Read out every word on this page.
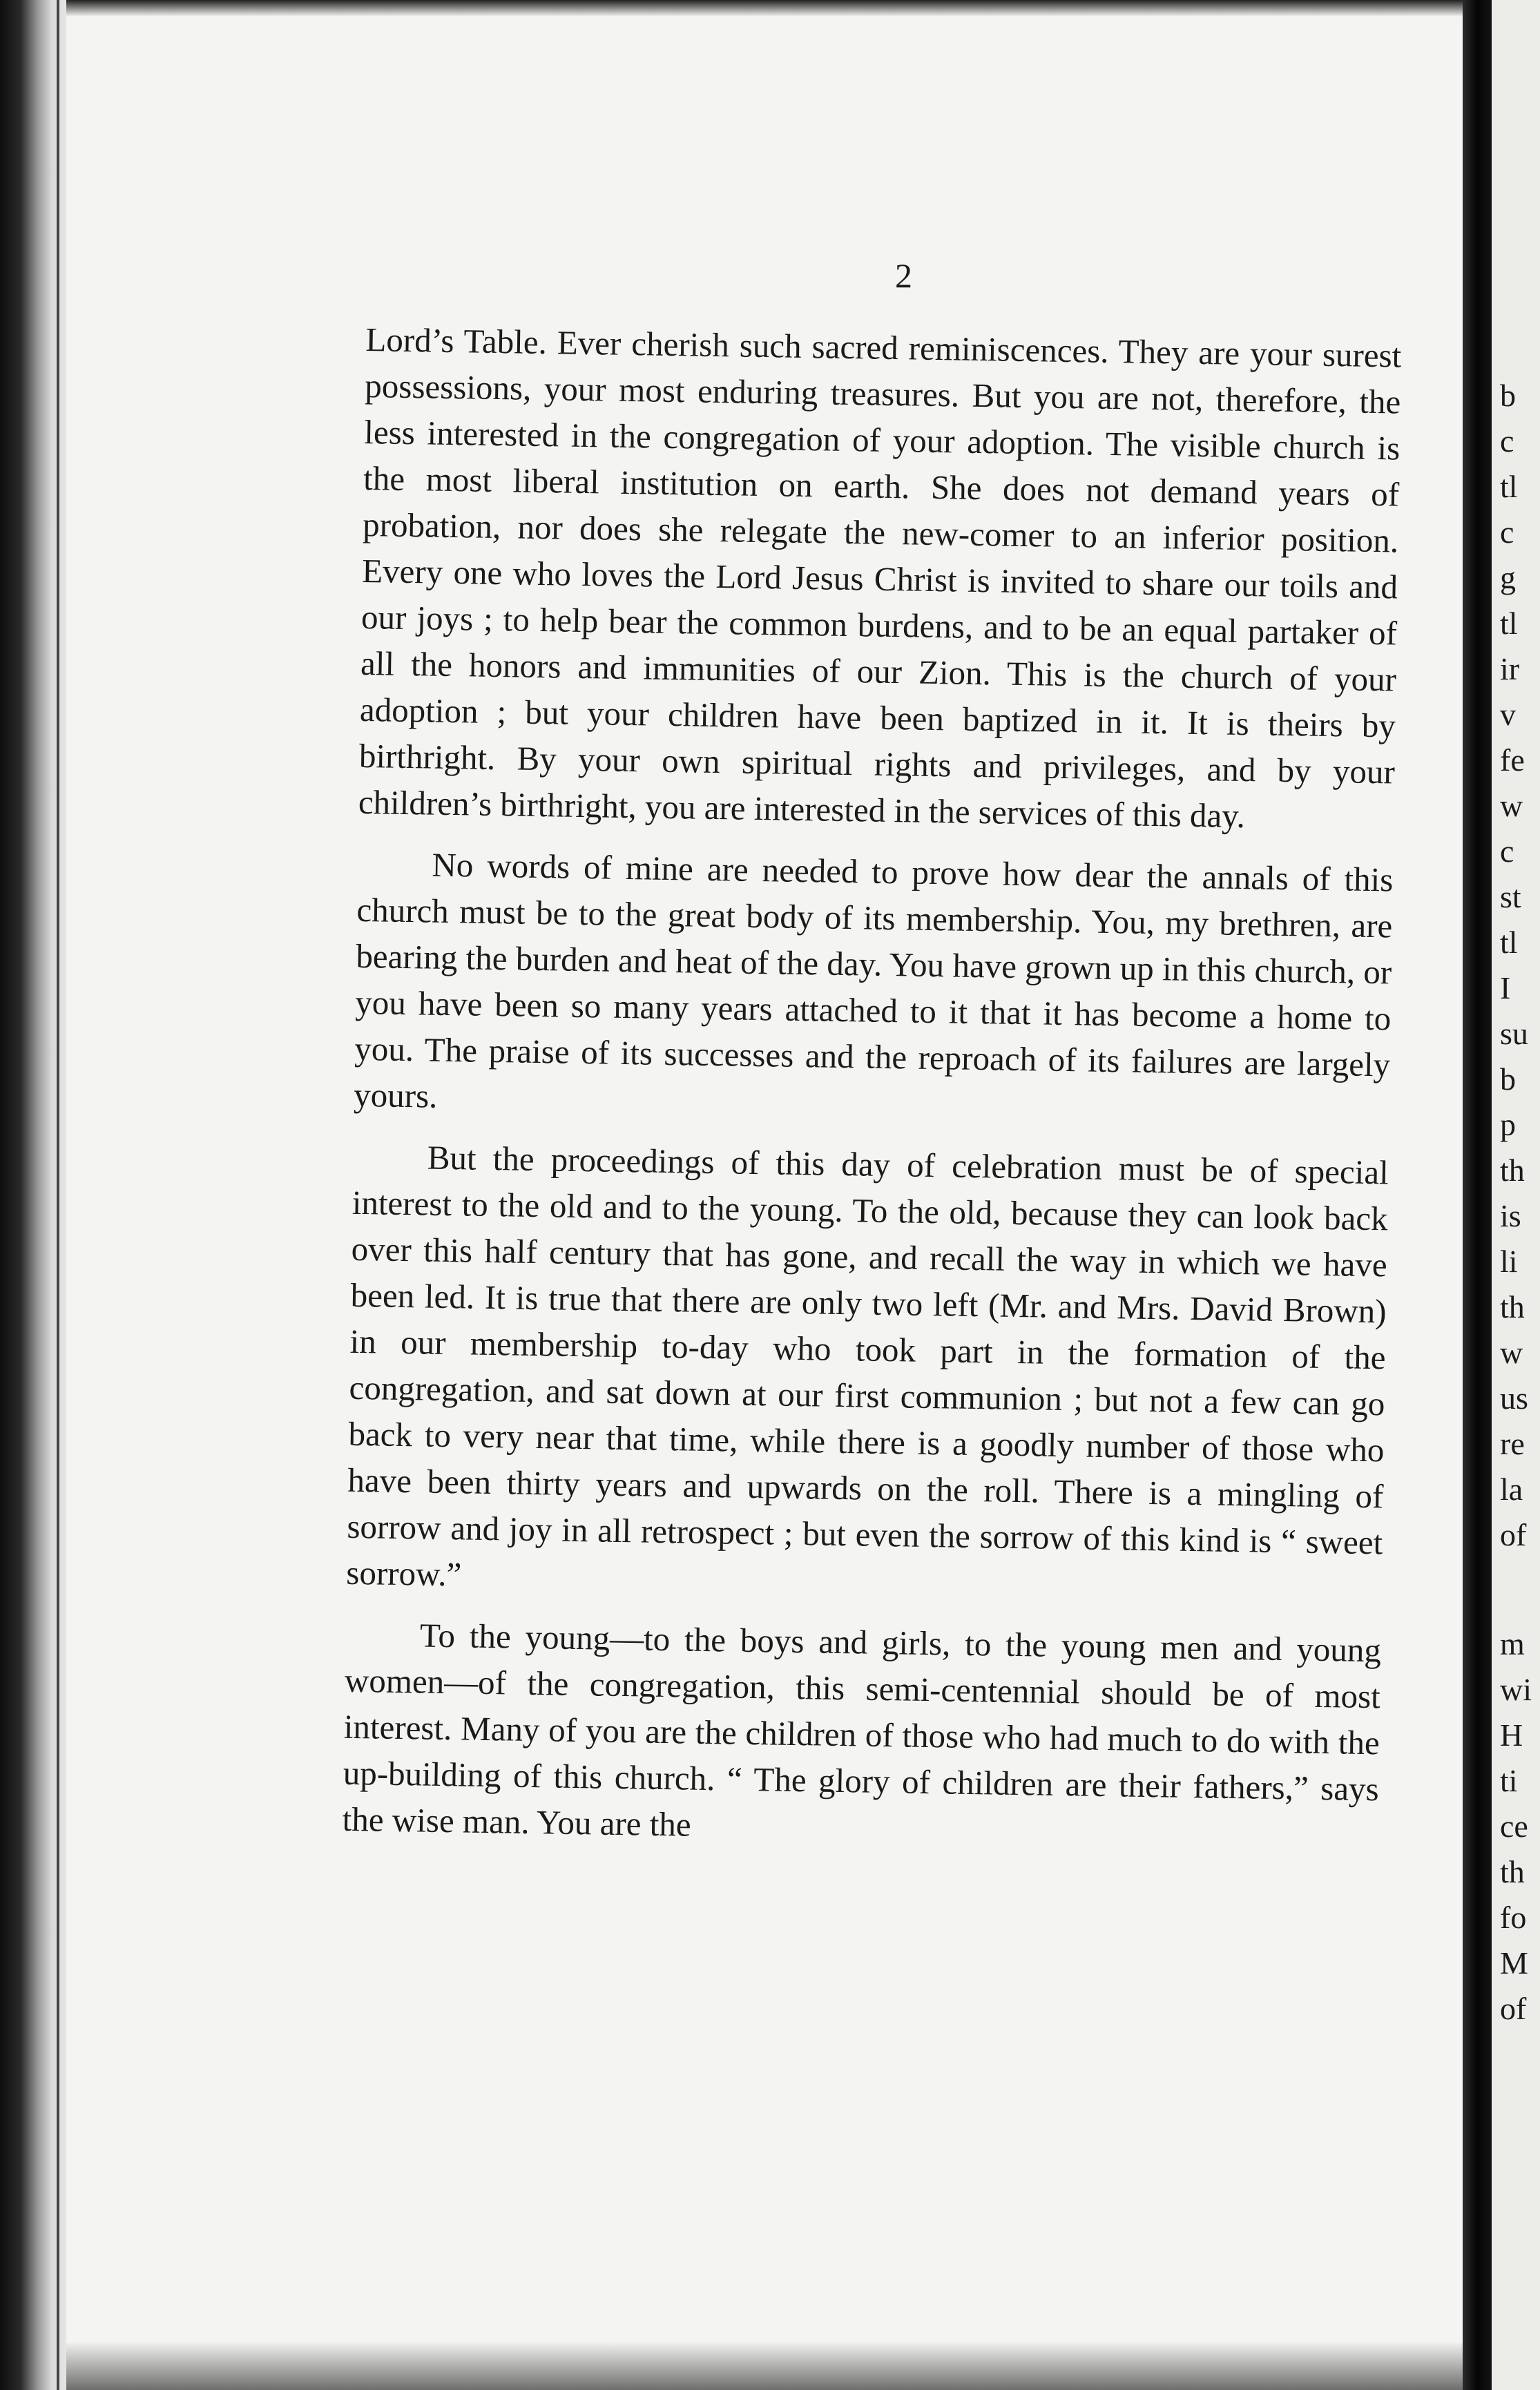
2

Lord’s Table. Ever cherish such sacred reminiscences. They are your surest possessions, your most enduring treasures. But you are not, therefore, the less interested in the congregation of your adoption. The visible church is the most liberal institution on earth. She does not demand years of probation, nor does she relegate the new-comer to an inferior position. Every one who loves the Lord Jesus Christ is invited to share our toils and our joys ; to help bear the common burdens, and to be an equal partaker of all the honors and immunities of our Zion. This is the church of your adoption ; but your children have been baptized in it. It is theirs by birthright. By your own spiritual rights and privileges, and by your children’s birthright, you are interested in the services of this day.

No words of mine are needed to prove how dear the annals of this church must be to the great body of its membership. You, my brethren, are bearing the burden and heat of the day. You have grown up in this church, or you have been so many years attached to it that it has become a home to you. The praise of its successes and the reproach of its failures are largely yours.

But the proceedings of this day of celebration must be of special interest to the old and to the young. To the old, because they can look back over this half century that has gone, and recall the way in which we have been led. It is true that there are only two left (Mr. and Mrs. David Brown) in our membership to-day who took part in the formation of the congregation, and sat down at our first communion ; but not a few can go back to very near that time, while there is a goodly number of those who have been thirty years and upwards on the roll. There is a mingling of sorrow and joy in all retrospect ; but even the sorrow of this kind is “ sweet sorrow.”

To the young—to the boys and girls, to the young men and young women—of the congregation, this semi-centennial should be of most interest. Many of you are the children of those who had much to do with the up-building of this church. “ The glory of children are their fathers,” says the wise man. You are the

b
c
tl
c
g
tl
ir
v
fe
w
c
st
tl
I
su
b
p
th
is
li
th
w
us
re
la
of
m
wi
H
ti
ce
th
fo
M
of
